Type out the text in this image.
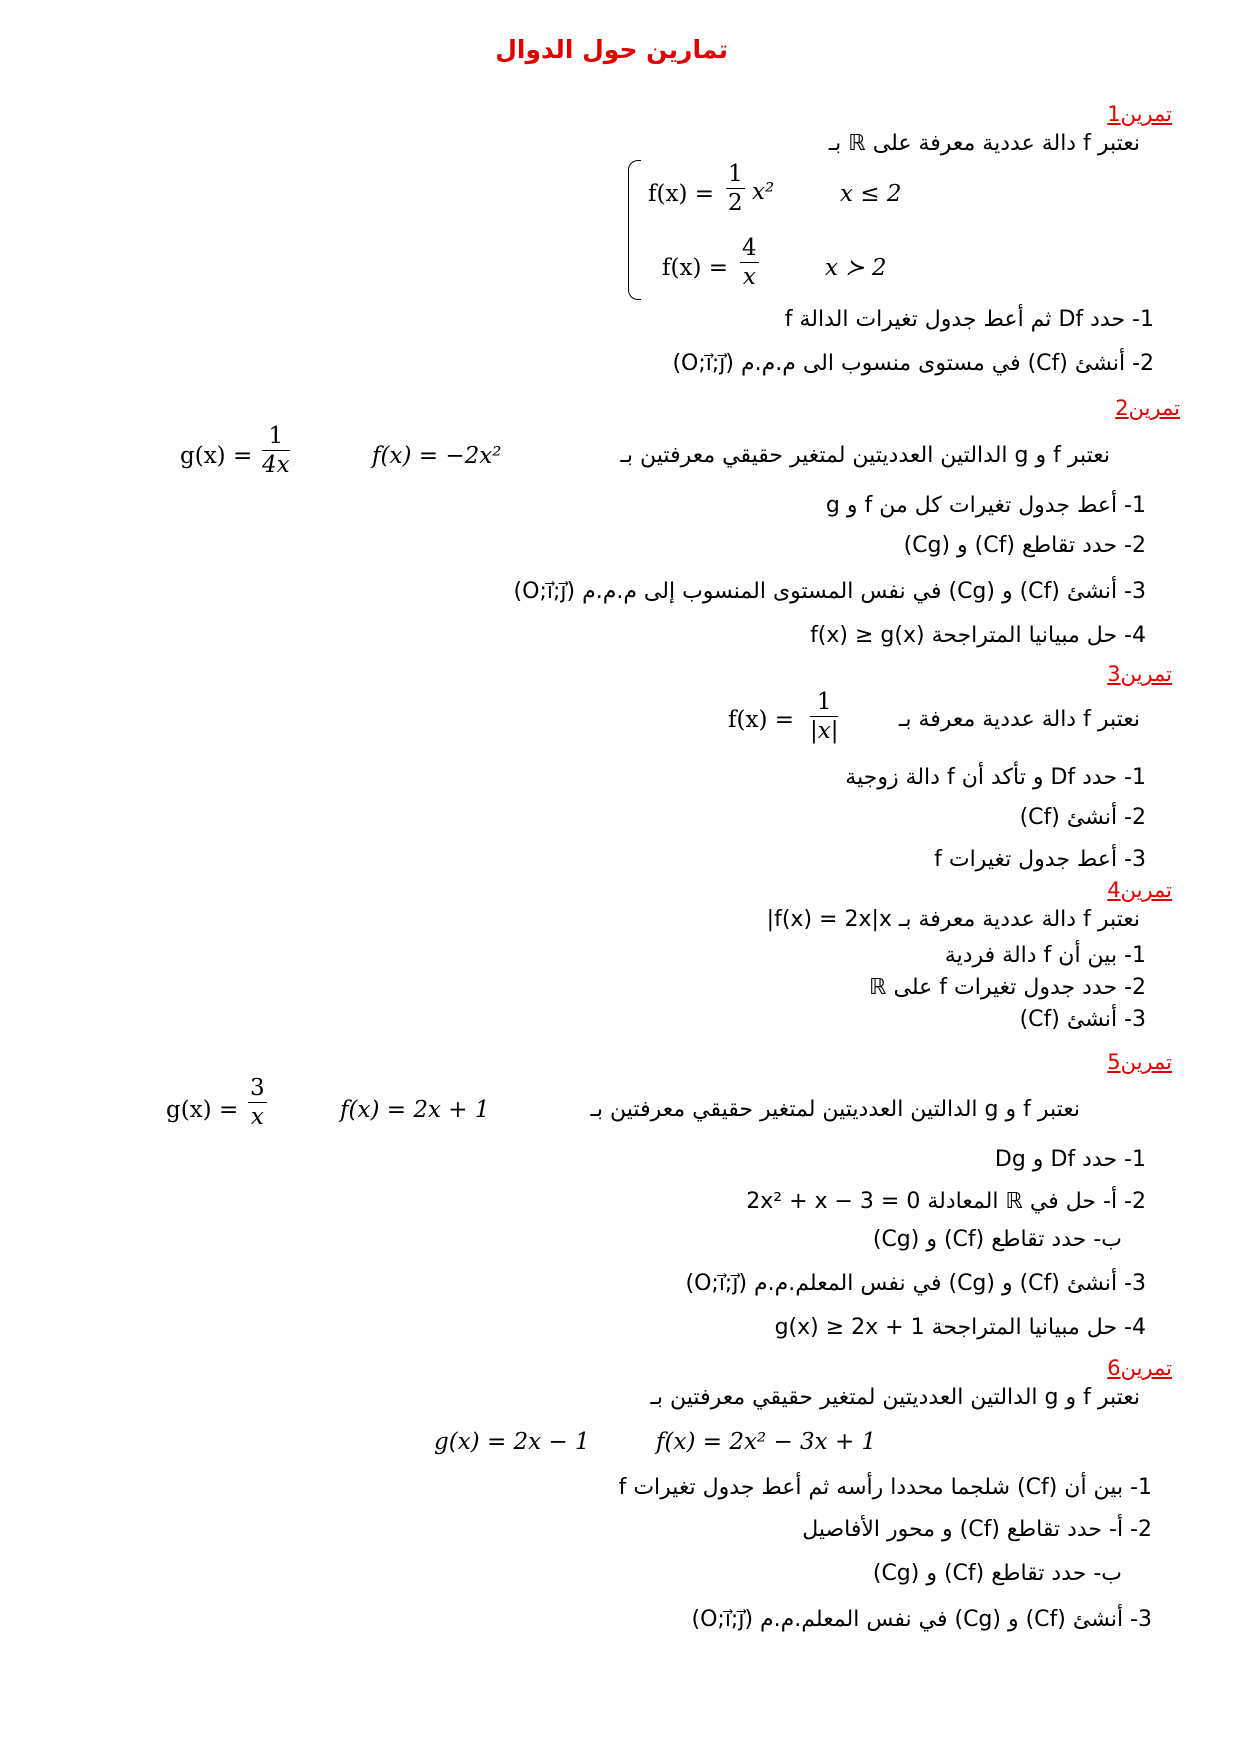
تمارين حول الدوال
تمرين1
نعتبر f دالة عددية معرفة على ℝ بـ
$f(x) = \frac{1}{2} x^2$	x ≤ 2
$f(x) = \frac{4}{x}$	x ≻ 2
1- حدد Df ثم أعط جدول تغيرات الدالة f
2- أنشئ (Cf) في مستوى منسوب الى م.م.م (O;i⃗;j⃗)
تمرين2
نعتبر f و g الدالتين العدديتين لمتغير حقيقي معرفتين بـ
f(x) = −2x²
$g(x) = \frac{1}{4x}$
1- أعط جدول تغيرات كل من f و g
2- حدد تقاطع (Cf) و (Cg)
3- أنشئ (Cf) و (Cg) في نفس المستوى المنسوب إلى م.م.م (O;i⃗;j⃗)
4- حل مبيانيا المتراجحة f(x) ≥ g(x)
تمرين3
نعتبر f دالة عددية معرفة بـ
$f(x) = \frac{1}{|x|}$
1- حدد Df و تأكد أن f دالة زوجية
2- أنشئ (Cf)
3- أعط جدول تغيرات f
تمرين4
نعتبر f دالة عددية معرفة بـ f(x) = 2x|x|
1- بين أن f دالة فردية
2- حدد جدول تغيرات f على ℝ
3- أنشئ (Cf)
تمرين5
نعتبر f و g الدالتين العدديتين لمتغير حقيقي معرفتين بـ
f(x) = 2x + 1
$g(x) = \frac{3}{x}$
1- حدد Df و Dg
2- أ- حل في ℝ المعادلة 2x² + x − 3 = 0
ب- حدد تقاطع (Cf) و (Cg)
3- أنشئ (Cf) و (Cg) في نفس المعلم.م.م (O;i⃗;j⃗)
4- حل مبيانيا المتراجحة g(x) ≥ 2x + 1
تمرين6
نعتبر f و g الدالتين العدديتين لمتغير حقيقي معرفتين بـ
g(x) = 2x − 1	f(x) = 2x² − 3x + 1
1- بين أن (Cf) شلجما محددا رأسه ثم أعط جدول تغيرات f
2- أ- حدد تقاطع (Cf) و محور الأفاصيل
ب- حدد تقاطع (Cf) و (Cg)
3- أنشئ (Cf) و (Cg) في نفس المعلم.م.م (O;i⃗;j⃗)
